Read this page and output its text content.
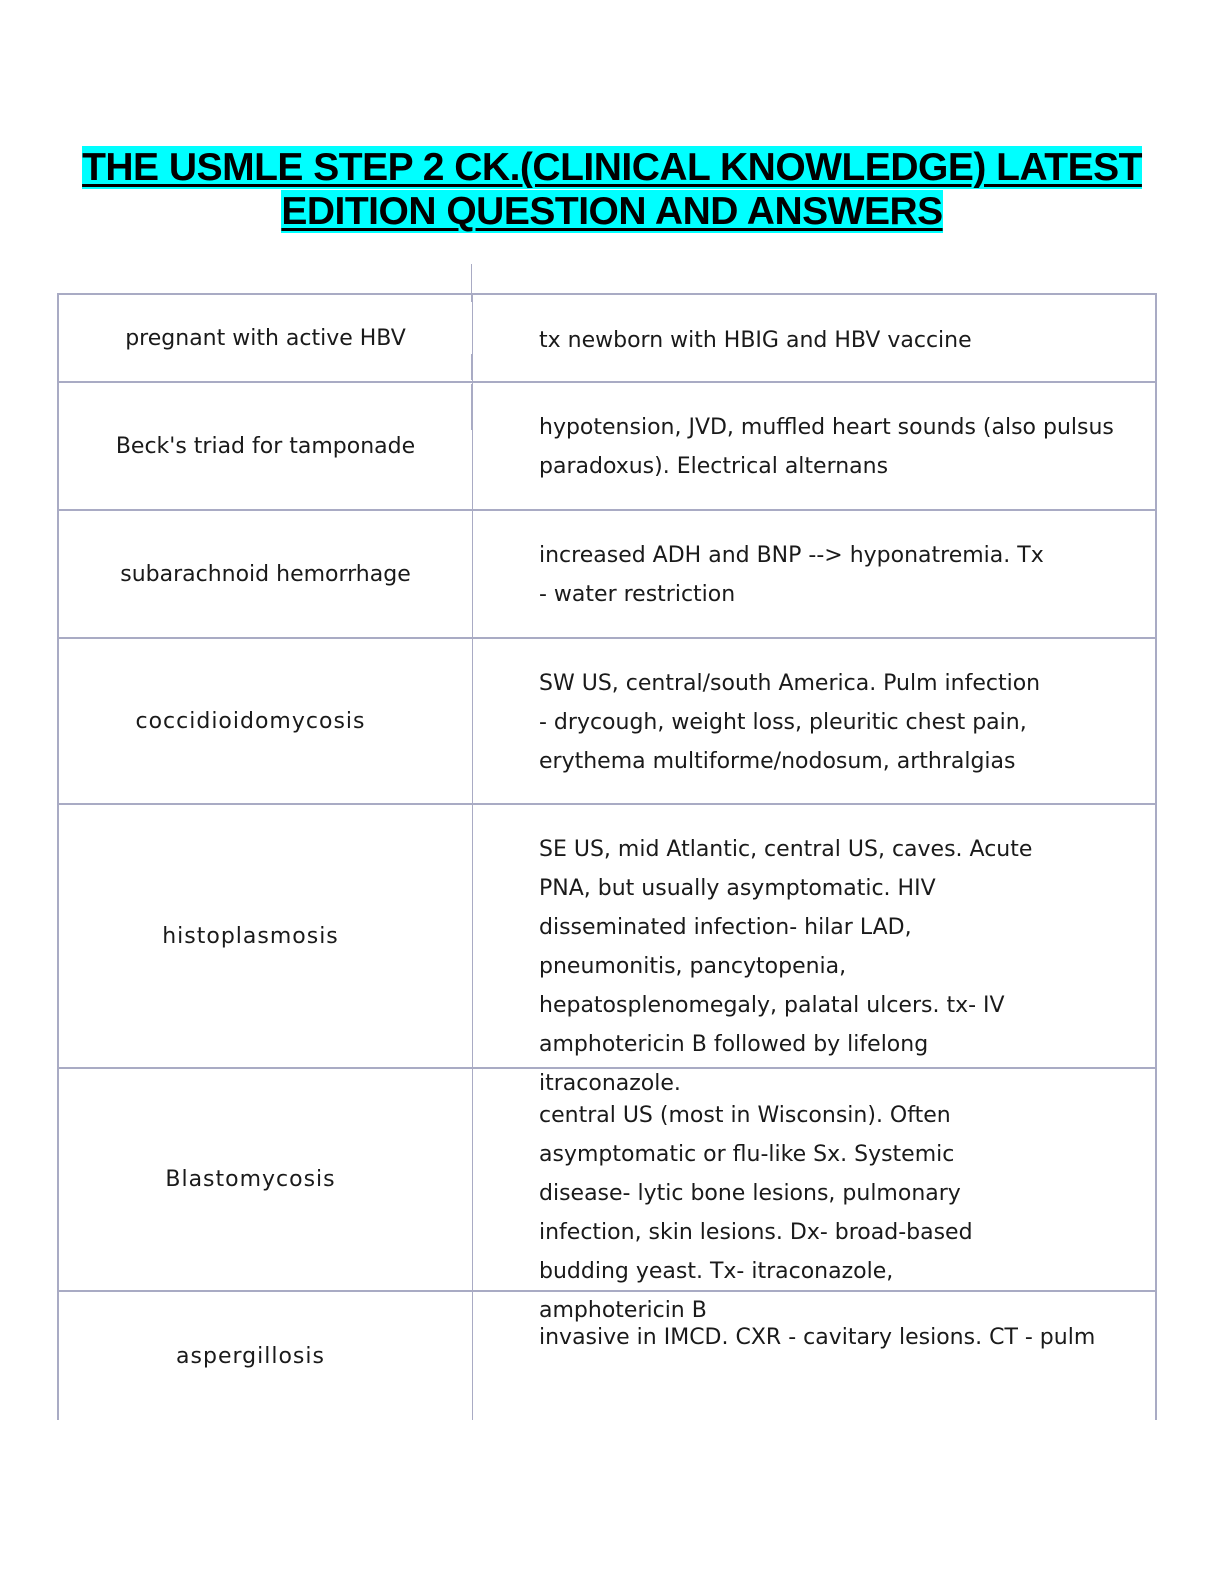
THE USMLE STEP 2 CK.(CLINICAL KNOWLEDGE) LATEST
EDITION QUESTION AND ANSWERS
pregnant with active HBV	tx newborn with HBIG and HBV vaccine
Beck's triad for tamponade
hypotension, JVD, muffled heart sounds (also pulsus paradoxus). Electrical alternans
subarachnoid hemorrhage
increased ADH and BNP --> hyponatremia. Tx - water restriction
coccidioidomycosis
SW US, central/south America. Pulm infection - drycough, weight loss, pleuritic chest pain, erythema multiforme/nodosum, arthralgias
histoplasmosis
SE US, mid Atlantic, central US, caves. Acute PNA, but usually asymptomatic. HIV disseminated infection- hilar LAD, pneumonitis, pancytopenia, hepatosplenomegaly, palatal ulcers. tx- IV amphotericin B followed by lifelong itraconazole.
Blastomycosis
central US (most in Wisconsin). Often asymptomatic or flu-like Sx. Systemic disease- lytic bone lesions, pulmonary infection, skin lesions. Dx- broad-based budding yeast. Tx- itraconazole, amphotericin B
aspergillosis
invasive in IMCD. CXR - cavitary lesions. CT - pulm
